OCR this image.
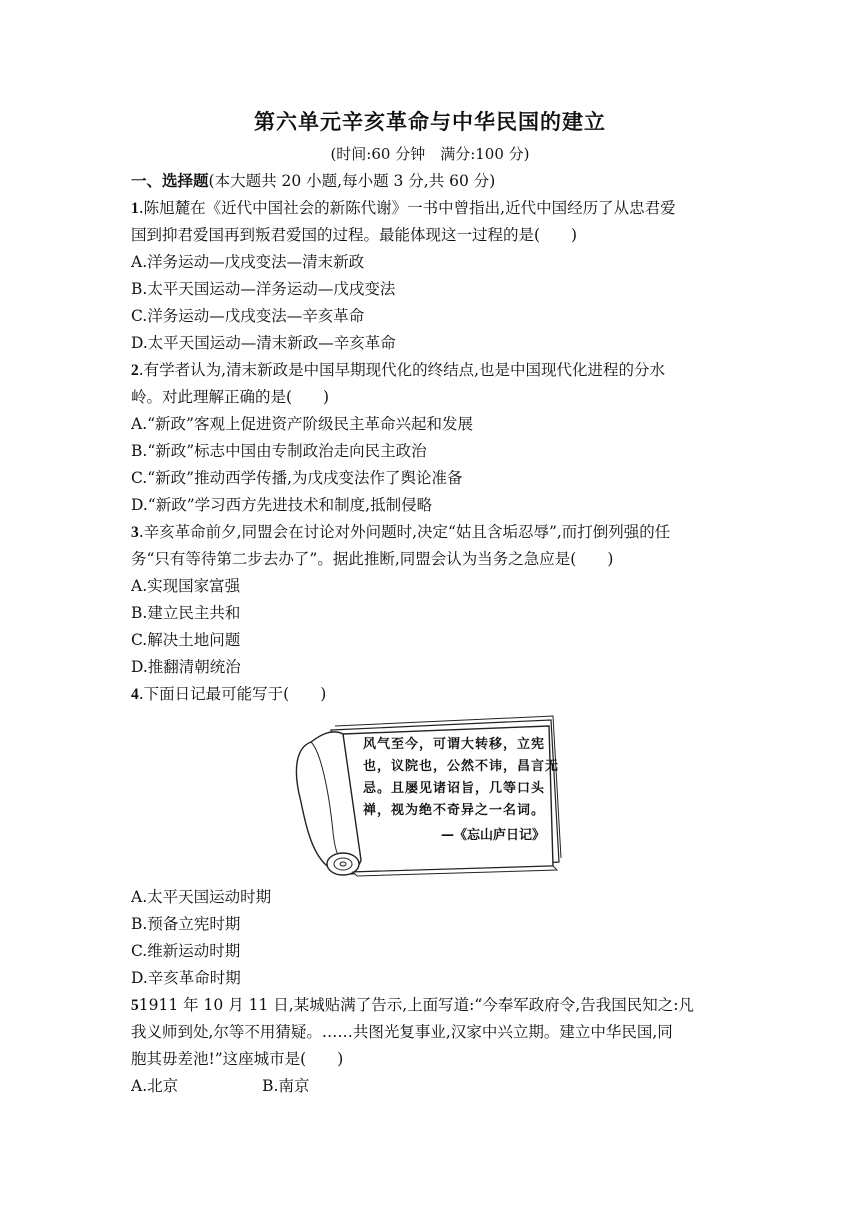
第六单元辛亥革命与中华民国的建立
(时间:60 分钟　满分:100 分)
一、选择题(本大题共 20 小题,每小题 3 分,共 60 分)
1.陈旭麓在《近代中国社会的新陈代谢》一书中曾指出,近代中国经历了从忠君爱
国到抑君爱国再到叛君爱国的过程。最能体现这一过程的是(　　)
A.洋务运动—戊戌变法—清末新政
B.太平天国运动—洋务运动—戊戌变法
C.洋务运动—戊戌变法—辛亥革命
D.太平天国运动—清末新政—辛亥革命
2.有学者认为,清末新政是中国早期现代化的终结点,也是中国现代化进程的分水
岭。对此理解正确的是(　　)
A.“新政”客观上促进资产阶级民主革命兴起和发展
B.“新政”标志中国由专制政治走向民主政治
C.“新政”推动西学传播,为戊戌变法作了舆论准备
D.“新政”学习西方先进技术和制度,抵制侵略
3.辛亥革命前夕,同盟会在讨论对外问题时,决定“姑且含垢忍辱”,而打倒列强的任
务“只有等待第二步去办了”。据此推断,同盟会认为当务之急应是(　　)
A.实现国家富强
B.建立民主共和
C.解决土地问题
D.推翻清朝统治
4.下面日记最可能写于(　　)
风气至今，可谓大转移，立宪也，议院也，公然不讳，昌言无忌。且屡见诸诏旨，几等口头禅，视为绝不奇异之一名词。
—《忘山庐日记》
A.太平天国运动时期
B.预备立宪时期
C.维新运动时期
D.辛亥革命时期
51911 年 10 月 11 日,某城贴满了告示,上面写道:“今奉军政府令,告我国民知之:凡
我义师到处,尔等不用猜疑。……共图光复事业,汉家中兴立期。建立中华民国,同
胞其毋差池!”这座城市是(　　)
A.北京	B.南京
